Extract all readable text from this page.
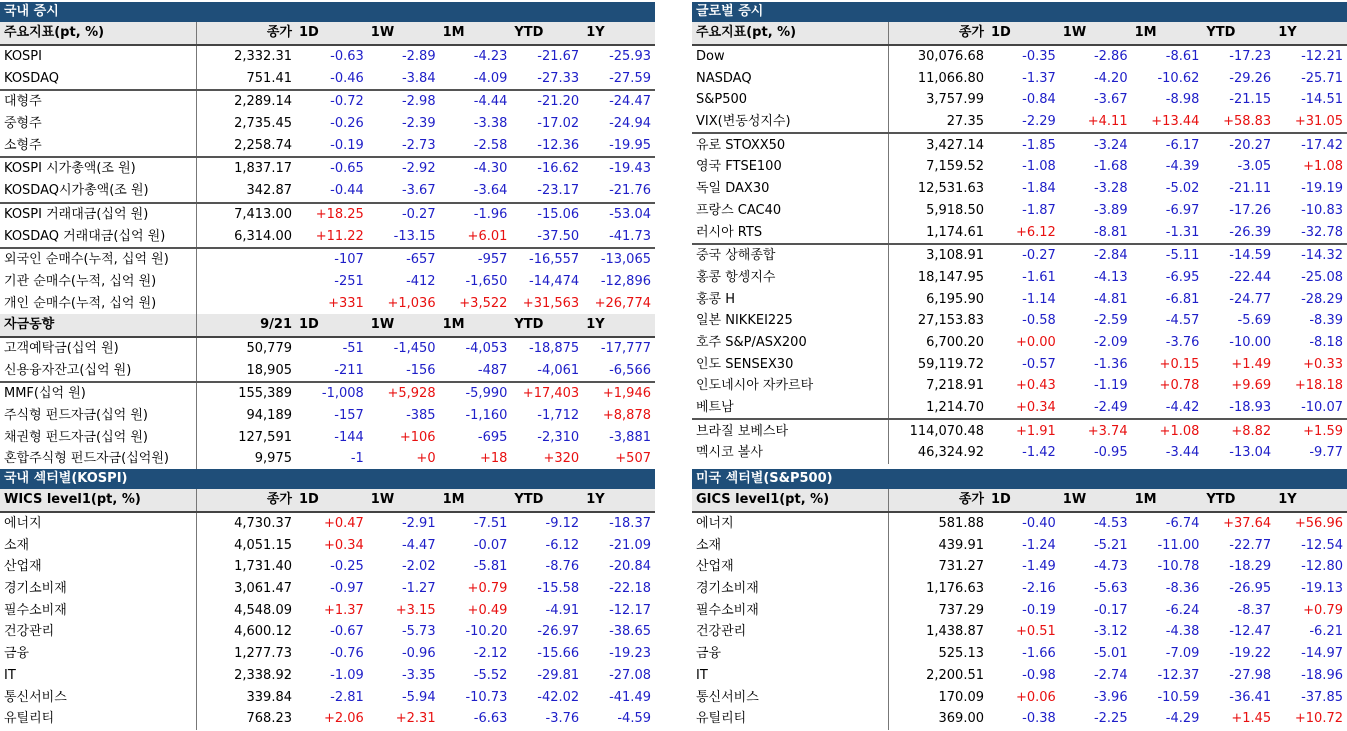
국내 증시
주요지표(pt, %)	종가	1D	1W	1M	YTD	1Y
KOSPI	2,332.31	-0.63	-2.89	-4.23	-21.67	-25.93
KOSDAQ	751.41	-0.46	-3.84	-4.09	-27.33	-27.59
대형주	2,289.14	-0.72	-2.98	-4.44	-21.20	-24.47
중형주	2,735.45	-0.26	-2.39	-3.38	-17.02	-24.94
소형주	2,258.74	-0.19	-2.73	-2.58	-12.36	-19.95
KOSPI 시가총액(조 원)	1,837.17	-0.65	-2.92	-4.30	-16.62	-19.43
KOSDAQ시가총액(조 원)	342.87	-0.44	-3.67	-3.64	-23.17	-21.76
KOSPI 거래대금(십억 원)	7,413.00	+18.25	-0.27	-1.96	-15.06	-53.04
KOSDAQ 거래대금(십억 원)	6,314.00	+11.22	-13.15	+6.01	-37.50	-41.73
외국인 순매수(누적, 십억 원)		-107	-657	-957	-16,557	-13,065
기관 순매수(누적, 십억 원)		-251	-412	-1,650	-14,474	-12,896
개인 순매수(누적, 십억 원)		+331	+1,036	+3,522	+31,563	+26,774
자금동향	9/21	1D	1W	1M	YTD	1Y
고객예탁금(십억 원)	50,779	-51	-1,450	-4,053	-18,875	-17,777
신용융자잔고(십억 원)	18,905	-211	-156	-487	-4,061	-6,566
MMF(십억 원)	155,389	-1,008	+5,928	-5,990	+17,403	+1,946
주식형 펀드자금(십억 원)	94,189	-157	-385	-1,160	-1,712	+8,878
채권형 펀드자금(십억 원)	127,591	-144	+106	-695	-2,310	-3,881
혼합주식형 펀드자금(십억원)	9,975	-1	+0	+18	+320	+507
글로벌 증시
주요지표(pt, %)	종가	1D	1W	1M	YTD	1Y
Dow	30,076.68	-0.35	-2.86	-8.61	-17.23	-12.21
NASDAQ	11,066.80	-1.37	-4.20	-10.62	-29.26	-25.71
S&P500	3,757.99	-0.84	-3.67	-8.98	-21.15	-14.51
VIX(변동성지수)	27.35	-2.29	+4.11	+13.44	+58.83	+31.05
유로 STOXX50	3,427.14	-1.85	-3.24	-6.17	-20.27	-17.42
영국 FTSE100	7,159.52	-1.08	-1.68	-4.39	-3.05	+1.08
독일 DAX30	12,531.63	-1.84	-3.28	-5.02	-21.11	-19.19
프랑스 CAC40	5,918.50	-1.87	-3.89	-6.97	-17.26	-10.83
러시아 RTS	1,174.61	+6.12	-8.81	-1.31	-26.39	-32.78
중국 상해종합	3,108.91	-0.27	-2.84	-5.11	-14.59	-14.32
홍콩 항셍지수	18,147.95	-1.61	-4.13	-6.95	-22.44	-25.08
홍콩 H	6,195.90	-1.14	-4.81	-6.81	-24.77	-28.29
일본 NIKKEI225	27,153.83	-0.58	-2.59	-4.57	-5.69	-8.39
호주 S&P/ASX200	6,700.20	+0.00	-2.09	-3.76	-10.00	-8.18
인도 SENSEX30	59,119.72	-0.57	-1.36	+0.15	+1.49	+0.33
인도네시아 자카르타	7,218.91	+0.43	-1.19	+0.78	+9.69	+18.18
베트남	1,214.70	+0.34	-2.49	-4.42	-18.93	-10.07
브라질 보베스타	114,070.48	+1.91	+3.74	+1.08	+8.82	+1.59
멕시코 볼사	46,324.92	-1.42	-0.95	-3.44	-13.04	-9.77
국내 섹터별(KOSPI)
WICS level1(pt, %)	종가	1D	1W	1M	YTD	1Y
에너지	4,730.37	+0.47	-2.91	-7.51	-9.12	-18.37
소재	4,051.15	+0.34	-4.47	-0.07	-6.12	-21.09
산업재	1,731.40	-0.25	-2.02	-5.81	-8.76	-20.84
경기소비재	3,061.47	-0.97	-1.27	+0.79	-15.58	-22.18
필수소비재	4,548.09	+1.37	+3.15	+0.49	-4.91	-12.17
건강관리	4,600.12	-0.67	-5.73	-10.20	-26.97	-38.65
금융	1,277.73	-0.76	-0.96	-2.12	-15.66	-19.23
IT	2,338.92	-1.09	-3.35	-5.52	-29.81	-27.08
통신서비스	339.84	-2.81	-5.94	-10.73	-42.02	-41.49
유틸리티	768.23	+2.06	+2.31	-6.63	-3.76	-4.59
미국 섹터별(S&P500)
GICS level1(pt, %)	종가	1D	1W	1M	YTD	1Y
에너지	581.88	-0.40	-4.53	-6.74	+37.64	+56.96
소재	439.91	-1.24	-5.21	-11.00	-22.77	-12.54
산업재	731.27	-1.49	-4.73	-10.78	-18.29	-12.80
경기소비재	1,176.63	-2.16	-5.63	-8.36	-26.95	-19.13
필수소비재	737.29	-0.19	-0.17	-6.24	-8.37	+0.79
건강관리	1,438.87	+0.51	-3.12	-4.38	-12.47	-6.21
금융	525.13	-1.66	-5.01	-7.09	-19.22	-14.97
IT	2,200.51	-0.98	-2.74	-12.37	-27.98	-18.96
통신서비스	170.09	+0.06	-3.96	-10.59	-36.41	-37.85
유틸리티	369.00	-0.38	-2.25	-4.29	+1.45	+10.72
